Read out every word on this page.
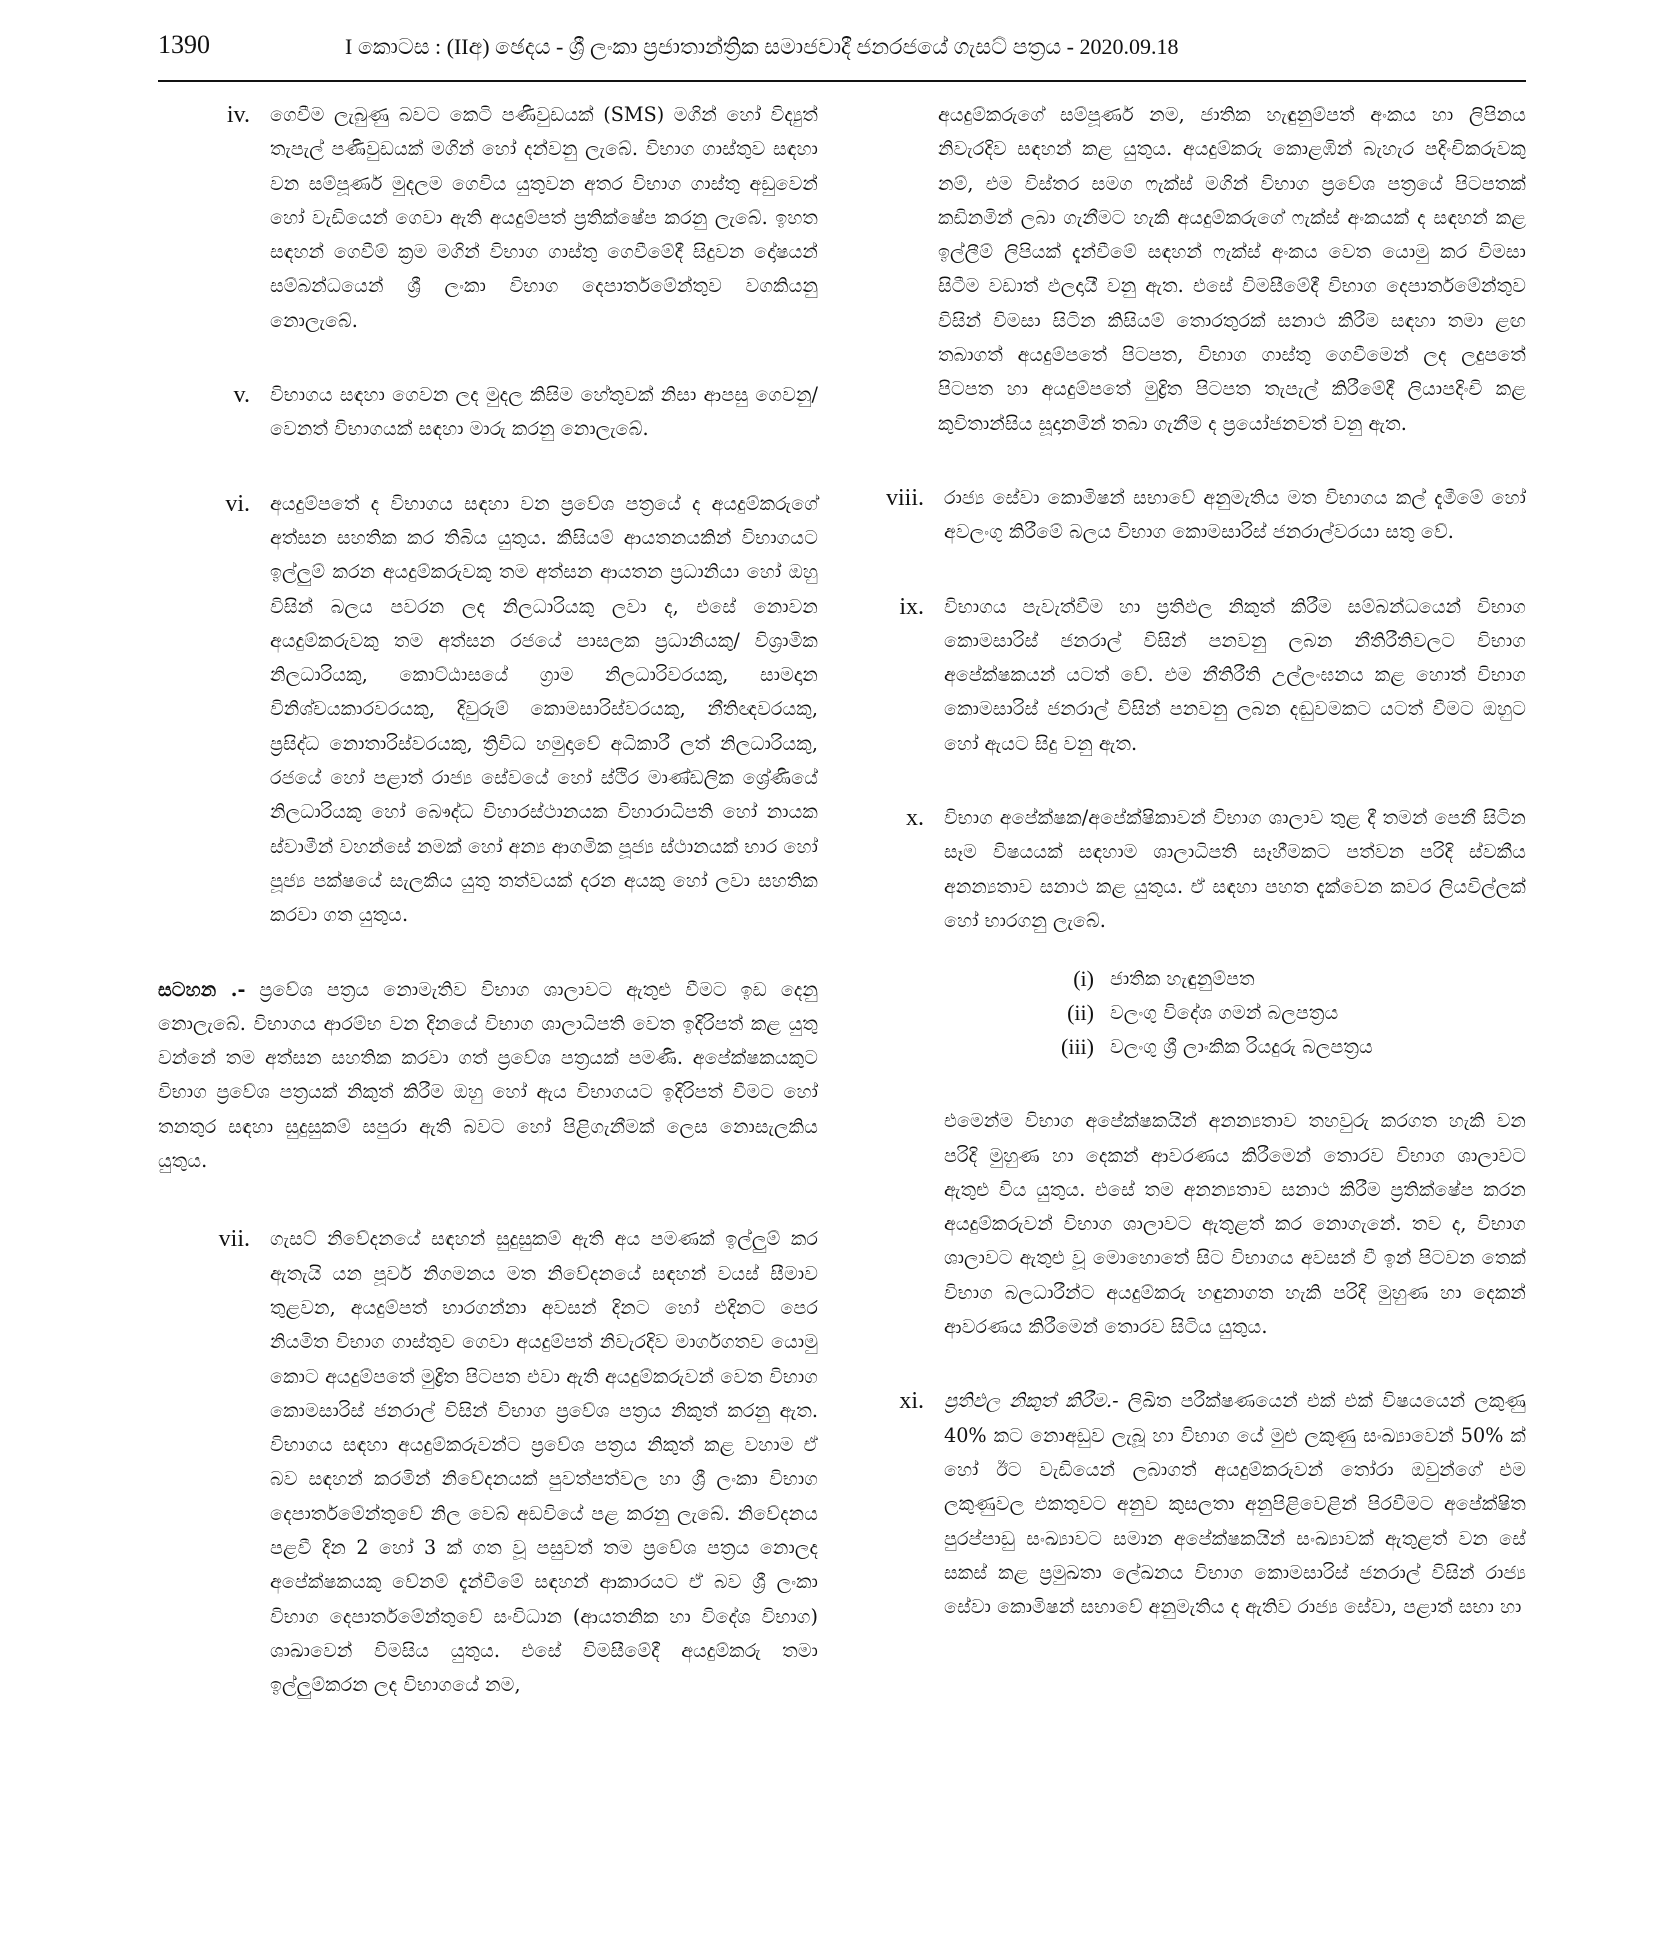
1390	I කොටස : (IIඅ) ඡෙදය - ශ්‍රී ලංකා ප්‍රජාතාන්ත්‍රික සමාජවාදී ජනරජයේ ගැසට් පත්‍රය - 2020.09.18
iv. ගෙවීම ලැබුණු බවට කෙටි පණිවුඩයක් (SMS) මගින් හෝ විද්‍යුත් තැපැල් පණිවුඩයක් මගින් හෝ දන්වනු ලැබේ. විභාග ගාස්තුව සඳහා වන සම්පූර්ණ මුදලම ගෙවිය යුතුවන අතර විභාග ගාස්තු අඩුවෙන් හෝ වැඩියෙන් ගෙවා ඇති අයදුම්පත් ප්‍රතික්ෂේප කරනු ලැබේ. ඉහත සඳහන් ගෙවීම් ක්‍රම මගින් විභාග ගාස්තු ගෙවීමේදී සිදුවන දෝෂයන් සම්බන්ධයෙන් ශ්‍රී ලංකා විභාග දෙපාර්තමේන්තුව වගකියනු නොලැබේ.
v. විභාගය සඳහා ගෙවන ලද මුදල කිසිම හේතුවක් නිසා ආපසු ගෙවනු/වෙනත් විභාගයක් සඳහා මාරු කරනු නොලැබේ.
vi. අයදුම්පතේ ද විභාගය සඳහා වන ප්‍රවේශ පත්‍රයේ ද අයදුම්කරුගේ අත්සන සහතික කර තිබිය යුතුය. කිසියම් ආයතනයකින් විභාගයට ඉල්ලුම් කරන අයදුම්කරුවකු තම අත්සන ආයතන ප්‍රධානියා හෝ ඔහු විසින් බලය පවරන ලද නිලධාරියකු ලවා ද, එසේ නොවන අයදුම්කරුවකු තම අත්සන රජයේ පාසලක ප්‍රධානියකු/ විශ්‍රාමික නිලධාරියකු, කොට්ඨාසයේ ග්‍රාම නිලධාරිවරයකු, සාමදාන විනිශ්චයකාරවරයකු, දිවුරුම් කොමසාරිස්වරයකු, නීතිඥවරයකු, ප්‍රසිද්ධ නොතාරිස්වරයකු, ත්‍රිවිධ හමුදාවේ අධිකාරී ලත් නිලධාරියකු, රජයේ හෝ පළාත් රාජ්‍ය සේවයේ හෝ ස්ථිර මාණ්ඩලික ශ්‍රේණියේ නිලධාරියකු හෝ බෞද්ධ විහාරස්ථානයක විහාරාධිපති හෝ නායක ස්වාමීන් වහන්සේ නමක් හෝ අන්‍ය ආගමික පූජ්‍ය ස්ථානයක් භාර හෝ පූජ්‍ය පක්ෂයේ සැලකිය යුතු තත්වයක් දරන අයකු හෝ ලවා සහතික කරවා ගත යුතුය.
සටහන .- ප්‍රවේශ පත්‍රය නොමැතිව විභාග ශාලාවට ඇතුළු වීමට ඉඩ දෙනු නොලැබේ. විභාගය ආරම්භ වන දිනයේ විභාග ශාලාධිපති වෙත ඉදිරිපත් කළ යුතු වන්නේ තම අත්සන සහතික කරවා ගත් ප්‍රවේශ පත්‍රයක් පමණි. අපේක්ෂකයකුට විභාග ප්‍රවේශ පත්‍රයක් නිකුත් කිරීම ඔහු හෝ ඇය විභාගයට ඉදිරිපත් වීමට හෝ තනතුර සඳහා සුදුසුකම් සපුරා ඇති බවට හෝ පිළිගැනීමක් ලෙස නොසැලකිය යුතුය.
vii. ගැසට් නිවේදනයේ සඳහන් සුදුසුකම් ඇති අය පමණක් ඉල්ලුම් කර ඇතැයි යන පූර්ව නිගමනය මත නිවේදනයේ සඳහන් වයස් සීමාව තුළවන, අයදුම්පත් භාරගන්නා අවසන් දිනට හෝ එදිනට පෙර නියමිත විභාග ගාස්තුව ගෙවා අයදුම්පත් නිවැරදිව මාර්ගගතව යොමු කොට අයදුම්පතේ මුද්‍රිත පිටපත එවා ඇති අයදුම්කරුවන් වෙත විභාග කොමසාරිස් ජනරාල් විසින් විභාග ප්‍රවේශ පත්‍රය නිකුත් කරනු ඇත. විභාගය සඳහා අයදුම්කරුවන්ට ප්‍රවේශ පත්‍රය නිකුත් කළ වහාම ඒ බව සඳහන් කරමින් නිවේදනයක් පුවත්පත්වල හා ශ්‍රී ලංකා විභාග දෙපාර්තමේන්තුවේ නිල වෙබ් අඩවියේ පළ කරනු ලැබේ. නිවේදනය පළවී දින 2 හෝ 3 ක් ගත වූ පසුවත් තම ප්‍රවේශ පත්‍රය නොලද අපේක්ෂකයකු වේනම් දැන්වීමේ සඳහන් ආකාරයට ඒ බව ශ්‍රී ලංකා විභාග දෙපාර්තමේන්තුවේ සංවිධාන (ආයතනික හා විදේශ විභාග) ශාඛාවෙන් විමසිය යුතුය. එසේ විමසීමේදී අයදුම්කරු තමා ඉල්ලුම්කරන ලද විභාගයේ නම,
අයදුම්කරුගේ සම්පූර්ණ නම, ජාතික හැඳුනුම්පත් අංකය හා ලිපිනය නිවැරදිව සඳහන් කළ යුතුය. අයදුම්කරු කොළඹින් බැහැර පදිංචිකරුවකු නම්, එම විස්තර සමග ෆැක්ස් මගින් විභාග ප්‍රවේශ පත්‍රයේ පිටපතක් කඩිනමින් ලබා ගැනීමට හැකි අයදුම්කරුගේ ෆැක්ස් අංකයක් ද සඳහන් කළ ඉල්ලීම් ලිපියක් දැන්වීමේ සඳහන් ෆැක්ස් අංකය වෙත යොමු කර විමසා සිටීම වඩාත් ඵලදායී වනු ඇත. එසේ විමසීමේදී විභාග දෙපාර්තමේන්තුව විසින් විමසා සිටින කිසියම් තොරතුරක් සනාථ කිරීම සඳහා තමා ළඟ තබාගත් අයදුම්පතේ පිටපත, විභාග ගාස්තු ගෙවීමෙන් ලද ලදුපතේ පිටපත හා අයදුම්පතේ මුද්‍රිත පිටපත තැපැල් කිරීමේදී ලියාපදිංචි කළ කුවිතාන්සිය සූදානමින් තබා ගැනීම ද ප්‍රයෝජනවත් වනු ඇත.
viii. රාජ්‍ය සේවා කොමිෂන් සභාවේ අනුමැතිය මත විභාගය කල් දැමීමේ හෝ අවලංගු කිරීමේ බලය විභාග කොමසාරිස් ජනරාල්වරයා සතු වේ.
ix. විභාගය පැවැත්වීම හා ප්‍රතිඵල නිකුත් කිරීම සම්බන්ධයෙන් විභාග කොමසාරිස් ජනරාල් විසින් පනවනු ලබන නීතිරීතිවලට විභාග අපේක්ෂකයන් යටත් වේ. එම නීතිරීති උල්ලංඝනය කළ හොත් විභාග කොමසාරිස් ජනරාල් විසින් පනවනු ලබන දඬුවමකට යටත් වීමට ඔහුට හෝ ඇයට සිදු වනු ඇත.
x. විභාග අපේක්ෂක/අපේක්ෂිකාවන් විභාග ශාලාව තුළ දී තමන් පෙනී සිටින සෑම විෂයයක් සඳහාම ශාලාධිපති සෑහීමකට පත්වන පරිදි ස්වකීය අනන්‍යතාව සනාථ කළ යුතුය. ඒ සඳහා පහත දැක්වෙන කවර ලියවිල්ලක් හෝ භාරගනු ලැබේ.
(i) ජාතික හැඳුනුම්පත
(ii) වලංගු විදේශ ගමන් බලපත්‍රය
(iii) වලංගු ශ්‍රී ලාංකික රියදුරු බලපත්‍රය
එමෙන්ම විභාග අපේක්ෂකයින් අනන්‍යතාව තහවුරු කරගත හැකි වන පරිදි මුහුණ හා දෙකන් ආවරණය කිරීමෙන් තොරව විභාග ශාලාවට ඇතුළු විය යුතුය. එසේ තම අනන්‍යතාව සනාථ කිරීම ප්‍රතික්ෂේප කරන අයදුම්කරුවන් විභාග ශාලාවට ඇතුළත් කර නොගැනේ. තව ද, විභාග ශාලාවට ඇතුළු වූ මොහොතේ සිට විභාගය අවසන් වී ඉන් පිටවන තෙක් විභාග බලධාරීන්ට අයදුම්කරු හඳුනාගත හැකි පරිදි මුහුණ හා දෙකන් ආවරණය කිරීමෙන් තොරව සිටිය යුතුය.
xi. ප්‍රතිඵල නිකුත් කිරීම.- ලිඛිත පරීක්ෂණයෙන් එක් එක් විෂයයෙන් ලකුණු 40% කට නොඅඩුව ලැබූ හා විභාග යේ මුළු ලකුණු සංඛ්‍යාවෙන් 50% ක් හෝ ඊට වැඩියෙන් ලබාගත් අයදුම්කරුවන් තෝරා ඔවුන්ගේ එම ලකුණුවල එකතුවට අනුව කුසලතා අනුපිළිවෙළින් පිරවීමට අපේක්ෂිත පුරප්පාඩු සංඛ්‍යාවට සමාන අපේක්ෂකයින් සංඛ්‍යාවක් ඇතුළත් වන සේ සකස් කළ ප්‍රමුඛතා ලේඛනය විභාග කොමසාරිස් ජනරාල් විසින් රාජ්‍ය සේවා කොමිෂන් සභාවේ අනුමැතිය ද ඇතිව රාජ්‍ය සේවා, පළාත් සභා හා
